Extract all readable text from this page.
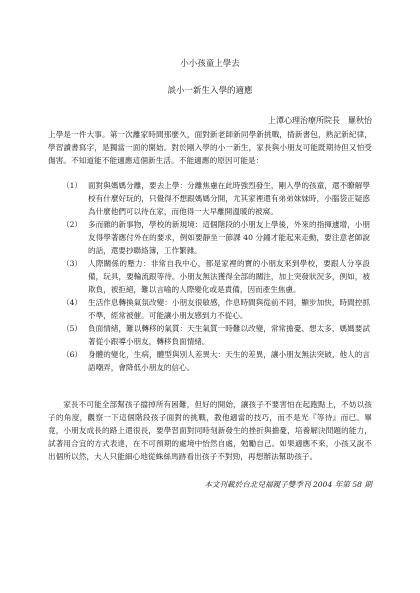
小小孩童上學去
談小一新生入學的適應
上潭心理治療所院長　羅秋怡

上學是一件大事。第一次離家時間那麼久，面對新老師新同學新挑戰，揹新書包，熟記新紀律，學習讀書寫字，是獨當一面的開始。對於剛入學的小一新生，家長與小朋友可能既期待但又怕受傷害。不知道能不能適應這個新生活。不能適應的原因可能是：

（1） 面對與媽媽分離，要去上學：分離焦慮在此時強烈發生，剛入學的孩童，還不瞭解學校有什麼好玩的，只覺得不想跟媽媽分開，尤其家裡還有弟弟妹妹時，小腦袋正疑惑為什麼他們可以待在家，而他得一大早離開溫暖的被窩。
（2） 多而雜的新事物，學校的新規境：這個階段的小朋友上學後，外來的指揮遽增，小朋友得學著應付外在的要求，例如要靜坐一節課 40 分鐘才能起來走動，要注意老師說的話，還要抄聯絡簿，工作繁雜。
（3） 人際關係的壓力：非常自我中心，都是家裡的寶的小朋友來到學校，要跟人分享設備，玩具，要輪流跟等待。小朋友無法獲得全部的關注，加上突發狀況多，例如，被欺負，被拒絕，難以言喻的人際變化或是責備，因而產生焦慮。
（4） 生活作息轉換氣氛改變：小朋友很敏感，作息時間與從前不同，顯步加快，時間控抓不準，經常被催。可能讓小朋友感到力不從心。
（5） 負面情緒，難以轉移的氣質：天生氣質一時難以改變，常常擔憂、想太多，媽媽要試著從小跟導小朋友，轉移負面情緒。
（6） 身體的變化，生病，體型與別人差異大：天生的差異，讓小朋友無法突破，他人的言語嘲弄，會降低小朋友的信心。

家長不可能全部幫孩子擋掉所有困難，但好的開始，讓孩子不要害怕在起跑點上，不妨以孩子的角度，觀察一下這個階段孩子面對的挑戰，教他適當的技巧，而不是光『等待』而已。畢竟，小朋友成長的路上還很長，要學習面對同時刻新發生的挫折與擔憂，培養解決問題的能力，試著用合宜的方式表達，在不可預期的處境中怡然自處，勉勵自己。如果適應不來，小孩又說不出個所以然，大人只能細心地從蛛絲馬跡看出孩子不對勁，再想辦法幫助孩子。

本文刊載於台北兒福親子雙季刊 2004 年第 58 期
